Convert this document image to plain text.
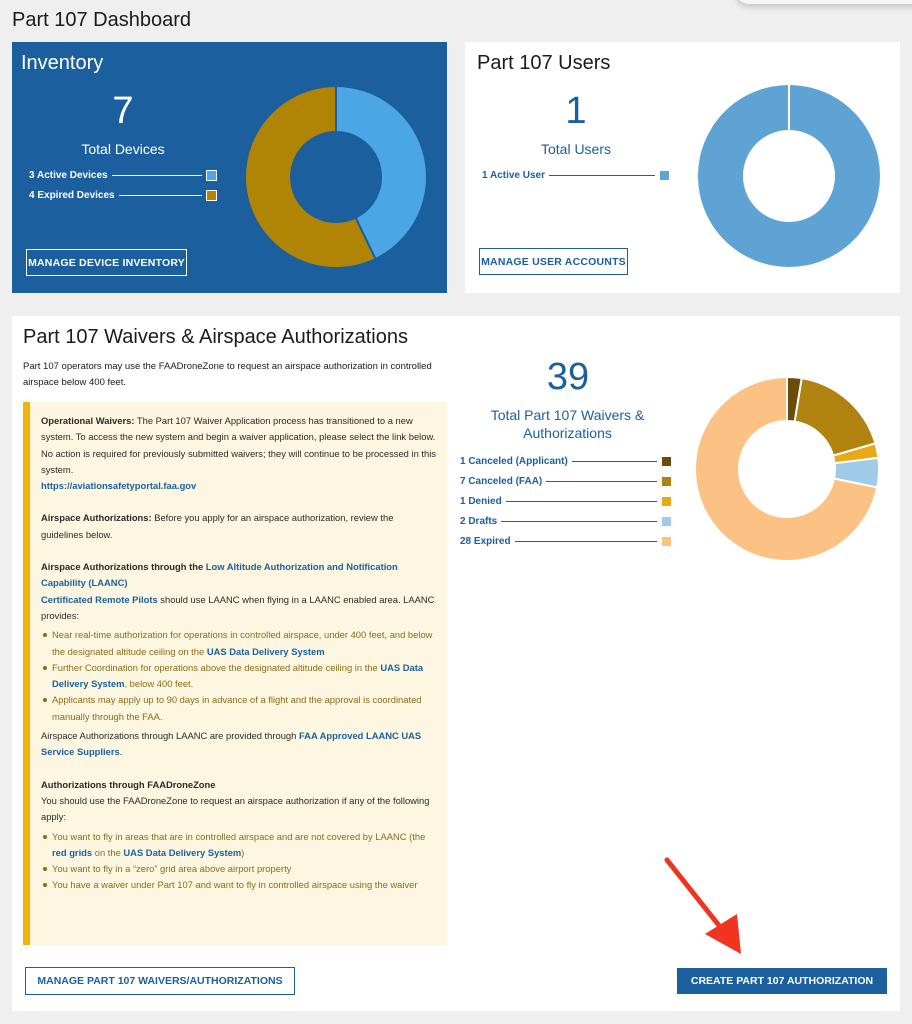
Part 107 Dashboard
Inventory
7
Total Devices
3 Active Devices
4 Expired Devices
MANAGE DEVICE INVENTORY
Part 107 Users
1
Total Users
1 Active User
MANAGE USER ACCOUNTS
Part 107 Waivers & Airspace Authorizations

Part 107 operators may use the FAADroneZone to request an airspace authorization in controlled airspace below 400 feet.

Operational Waivers: The Part 107 Waiver Application process has transitioned to a new system. To access the new system and begin a waiver application, please select the link below. No action is required for previously submitted waivers; they will continue to be processed in this system.

https://aviationsafetyportal.faa.gov

Airspace Authorizations: Before you apply for an airspace authorization, review the guidelines below.

Airspace Authorizations through the Low Altitude Authorization and Notification Capability (LAANC)

Certificated Remote Pilots should use LAANC when flying in a LAANC enabled area. LAANC provides:

Near real-time authorization for operations in controlled airspace, under 400 feet, and below the designated altitude ceiling on the UAS Data Delivery System
Further Coordination for operations above the designated altitude ceiling in the UAS Data Delivery System, below 400 feet.
Applicants may apply up to 90 days in advance of a flight and the approval is coordinated manually through the FAA.

Airspace Authorizations through LAANC are provided through FAA Approved LAANC UAS Service Suppliers.

Authorizations through FAADroneZone

You should use the FAADroneZone to request an airspace authorization if any of the following apply:

You want to fly in areas that are in controlled airspace and are not covered by LAANC (the red grids on the UAS Data Delivery System)
You want to fly in a “zero” grid area above airport property
You have a waiver under Part 107 and want to fly in controlled airspace using the waiver
39
Total Part 107 Waivers & Authorizations
1 Canceled (Applicant)
7 Canceled (FAA)
1 Denied
2 Drafts
28 Expired
MANAGE PART 107 WAIVERS/AUTHORIZATIONS	CREATE PART 107 AUTHORIZATION
